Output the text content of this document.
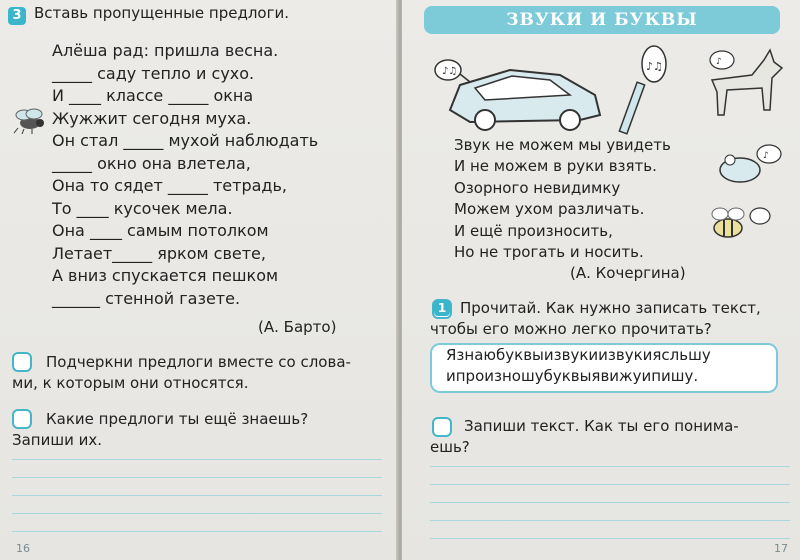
3 Вставь пропущенные предлоги.
Алёша рад: пришла весна.
_____ саду тепло и сухо.
И ____ классе _____ окна
Жужжит сегодня муха.
Он стал _____ мухой наблюдать
_____ окно она влетела,
Она то сядет _____ тетрадь,
То ____ кусочек мела.
Она ____ самым потолком
Летает_____ ярком свете,
А вниз спускается пешком
______ стенной газете.
(А. Барто)
Подчеркни предлоги вместе со слова-
ми, к которым они относятся.
Какие предлоги ты ещё знаешь?
Запиши их.
16
ЗВУКИ И БУКВЫ
♪♫	♪♫	♪
♪
Звук не можем мы увидеть
И не можем в руки взять.
Озорного невидимку
Можем ухом различать.
И ещё произносить,
Но не трогать и носить.
(А. Кочергина)
1 Прочитай. Как нужно записать текст,
чтобы его можно легко прочитать?
Язнаюбуквыизвукиизвукиясльшу
ипроизношубуквыявижуипишу.
Запиши текст. Как ты его понима-
ешь?
17
